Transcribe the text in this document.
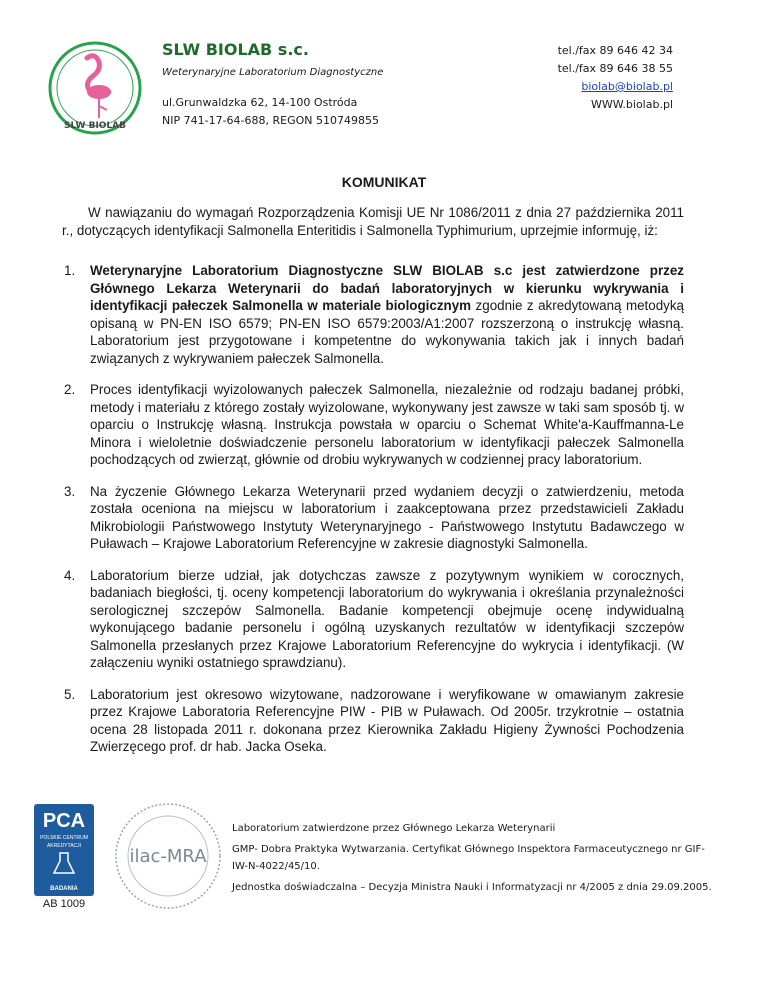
SLW BIOLAB
SLW BIOLAB s.c.
Weterynaryjne Laboratorium Diagnostyczne
ul.Grunwaldzka 62, 14-100 Ostróda
NIP 741-17-64-688, REGON 510749855
tel./fax 89 646 42 34
tel./fax 89 646 38 55
biolab@biolab.pl
WWW.biolab.pl
KOMUNIKAT
W nawiązaniu do wymagań Rozporządzenia Komisji UE Nr 1086/2011 z dnia 27 października 2011 r., dotyczących identyfikacji Salmonella Enteritidis i Salmonella Typhimurium, uprzejmie informuję, iż:
1. Weterynaryjne Laboratorium Diagnostyczne SLW BIOLAB s.c jest zatwierdzone przez Głównego Lekarza Weterynarii do badań laboratoryjnych w kierunku wykrywania i identyfikacji pałeczek Salmonella w materiale biologicznym zgodnie z akredytowaną metodyką opisaną w PN-EN ISO 6579; PN-EN ISO 6579:2003/A1:2007 rozszerzoną o instrukcję własną. Laboratorium jest przygotowane i kompetentne do wykonywania takich jak i innych badań związanych z wykrywaniem pałeczek Salmonella.
2. Proces identyfikacji wyizolowanych pałeczek Salmonella, niezależnie od rodzaju badanej próbki, metody i materiału z którego zostały wyizolowane, wykonywany jest zawsze w taki sam sposób tj. w oparciu o Instrukcję własną. Instrukcja powstała w oparciu o Schemat White'a-Kauffmanna-Le Minora i wieloletnie doświadczenie personelu laboratorium w identyfikacji pałeczek Salmonella pochodzących od zwierząt, głównie od drobiu wykrywanych w codziennej pracy laboratorium.
3. Na życzenie Głównego Lekarza Weterynarii przed wydaniem decyzji o zatwierdzeniu, metoda została oceniona na miejscu w laboratorium i zaakceptowana przez przedstawicieli Zakładu Mikrobiologii Państwowego Instytuty Weterynaryjnego - Państwowego Instytutu Badawczego w Puławach – Krajowe Laboratorium Referencyjne w zakresie diagnostyki Salmonella.
4. Laboratorium bierze udział, jak dotychczas zawsze z pozytywnym wynikiem w corocznych, badaniach biegłości, tj. oceny kompetencji laboratorium do wykrywania i określania przynależności serologicznej szczepów Salmonella. Badanie kompetencji obejmuje ocenę indywidualną wykonującego badanie personelu i ogólną uzyskanych rezultatów w identyfikacji szczepów Salmonella przesłanych przez Krajowe Laboratorium Referencyjne do wykrycia i identyfikacji. (W załączeniu wyniki ostatniego sprawdzianu).
5. Laboratorium jest okresowo wizytowane, nadzorowane i weryfikowane w omawianym zakresie przez Krajowe Laboratoria Referencyjne PIW - PIB w Puławach. Od 2005r. trzykrotnie – ostatnia ocena 28 listopada 2011 r. dokonana przez Kierownika Zakładu Higieny Żywności Pochodzenia Zwierzęcego prof. dr hab. Jacka Oseka.
PCA
POLSKIE CENTRUM
AKREDYTACJI
BADANIA
AB 1009
ilac-MRA

Laboratorium zatwierdzone przez Głównego Lekarza Weterynarii

GMP- Dobra Praktyka Wytwarzania. Certyfikat Głównego Inspektora Farmaceutycznego nr GIF-IW-N-4022/45/10.

Jednostka doświadczalna – Decyzja Ministra Nauki i Informatyzacji nr 4/2005 z dnia 29.09.2005.
